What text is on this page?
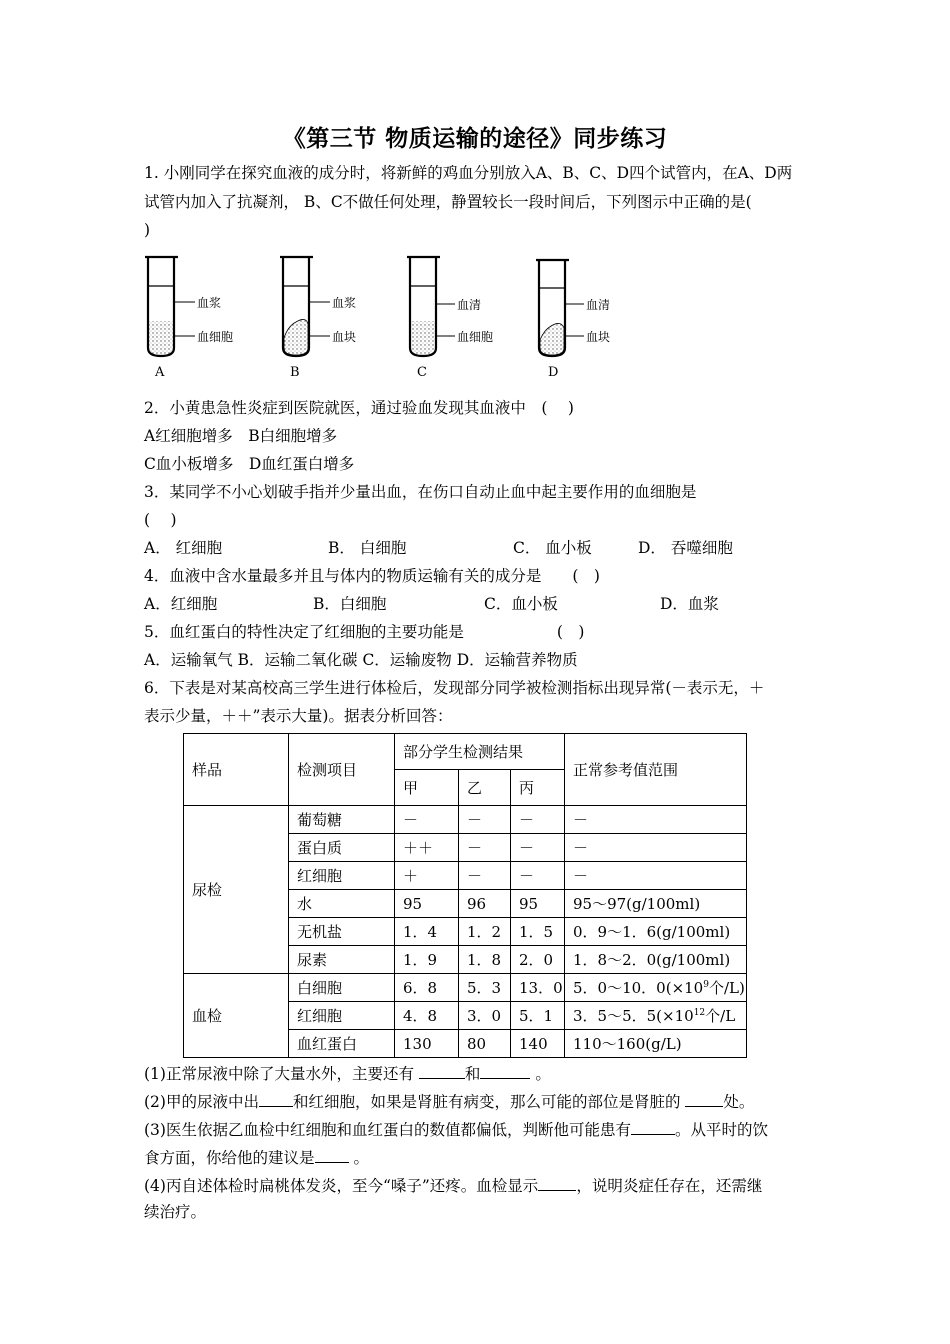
《第三节 物质运输的途径》同步练习
1. 小刚同学在探究血液的成分时，将新鲜的鸡血分别放入A、B、C、D四个试管内，在A、D两
试管内加入了抗凝剂， B、C不做任何处理，静置较长一段时间后，下列图示中正确的是(
)
血浆
血细胞
A
血浆
血块
B
血清
血细胞
C
血清
血块
D
2．小黄患急性炎症到医院就医，通过验血发现其血液中　(　 )
A红细胞增多　B白细胞增多
C血小板增多　D血红蛋白增多
3．某同学不小心划破手指并少量出血，在伤口自动止血中起主要作用的血细胞是
(　 )
A． 红细胞	B． 白细胞	C． 血小板	D． 吞噬细胞
4．血液中含水量最多并且与体内的物质运输有关的成分是　　(　)
A．红细胞	B．白细胞	C．血小板	D．血浆
5．血红蛋白的特性决定了红细胞的主要功能是　　　　　　(　)
A．运输氧气 B．运输二氧化碳 C．运输废物 D．运输营养物质
6．下表是对某高校高三学生进行体检后，发现部分同学被检测指标出现异常(－表示无，＋
表示少量，＋＋”表示大量)。据表分析回答：
样品	检测项目	部分学生检测结果			正常参考值范围
		甲	乙	丙	
尿检	葡萄糖	－	－	－	－
	蛋白质	＋＋	－	－	－
	红细胞	＋	－	－	－
	水	95	96	95	95～97(g/100ml)
	无机盐	1．4	1．2	1．5	0．9～1．6(g/100ml)
	尿素	1．9	1．8	2．0	1．8～2．0(g/100ml)
血检	白细胞	6．8	5．3	13．0	5．0～10．$0(\times 10^9$个/L)
	红细胞	4．8	3．0	5．1	3．5～5．$5(\times 10^{12}$个/L
	血红蛋白	130	80	140	110～160(g/L)
(1)正常尿液中除了大量水外，主要还有	和	。
(2)甲的尿液中出 和红细胞，如果是肾脏有病变，那么可能的部位是肾脏的 处。
(3)医生依据乙血检中红细胞和血红蛋白的数值都偏低，判断他可能患有	。从平时的饮
食方面，你给他的建议是 。
(4)丙自述体检时扁桃体发炎，至今“嗓子”还疼。血检显示 ，说明炎症任存在，还需继
续治疗。
